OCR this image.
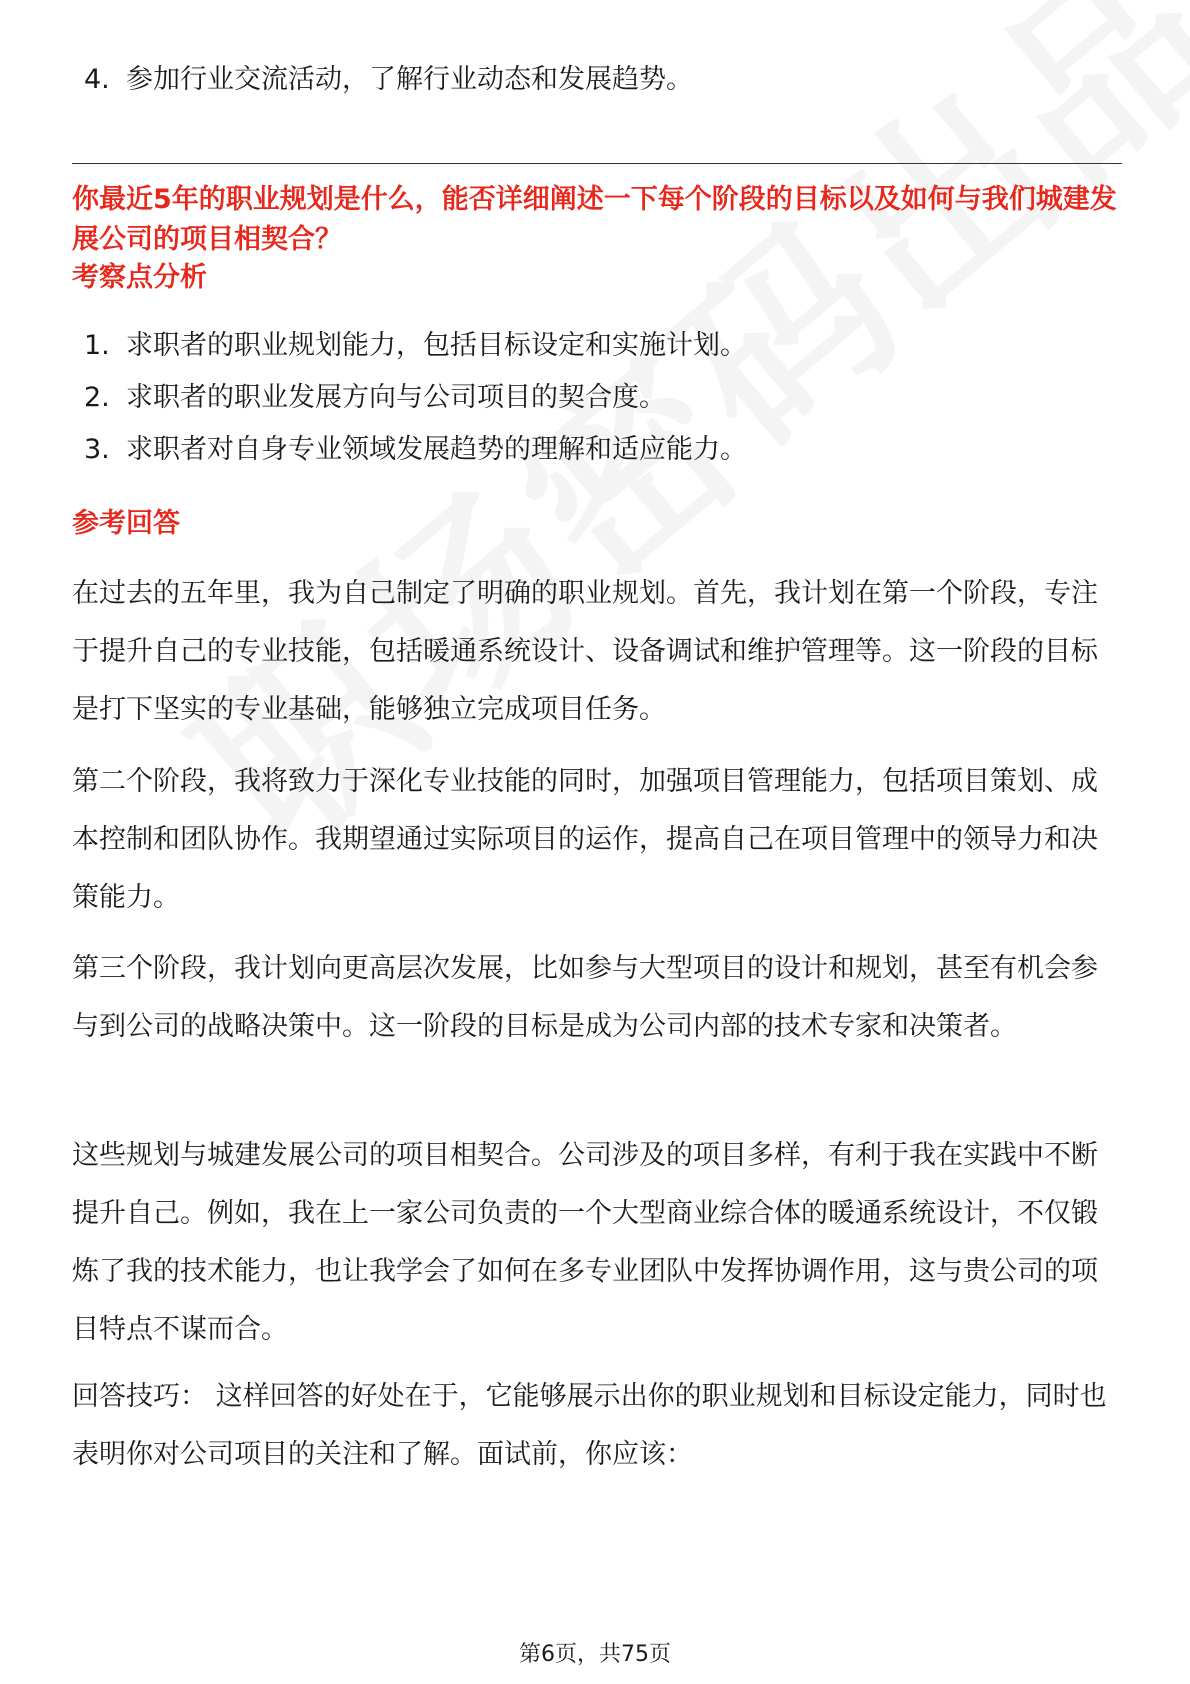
4. 参加行业交流活动，了解行业动态和发展趋势。

你最近5年的职业规划是什么，能否详细阐述一下每个阶段的目标以及如何与我们城建发展公司的项目相契合？

考察点分析

1. 求职者的职业规划能力，包括目标设定和实施计划。

2. 求职者的职业发展方向与公司项目的契合度。

3. 求职者对自身专业领域发展趋势的理解和适应能力。

参考回答

在过去的五年里，我为自己制定了明确的职业规划。首先，我计划在第一个阶段，专注于提升自己的专业技能，包括暖通系统设计、设备调试和维护管理等。这一阶段的目标是打下坚实的专业基础，能够独立完成项目任务。

第二个阶段，我将致力于深化专业技能的同时，加强项目管理能力，包括项目策划、成本控制和团队协作。我期望通过实际项目的运作，提高自己在项目管理中的领导力和决策能力。

第三个阶段，我计划向更高层次发展，比如参与大型项目的设计和规划，甚至有机会参与到公司的战略决策中。这一阶段的目标是成为公司内部的技术专家和决策者。

这些规划与城建发展公司的项目相契合。公司涉及的项目多样，有利于我在实践中不断提升自己。例如，我在上一家公司负责的一个大型商业综合体的暖通系统设计，不仅锻炼了我的技术能力，也让我学会了如何在多专业团队中发挥协调作用，这与贵公司的项目特点不谋而合。

回答技巧： 这样回答的好处在于，它能够展示出你的职业规划和目标设定能力，同时也表明你对公司项目的关注和了解。面试前，你应该：

第6页，共75页
